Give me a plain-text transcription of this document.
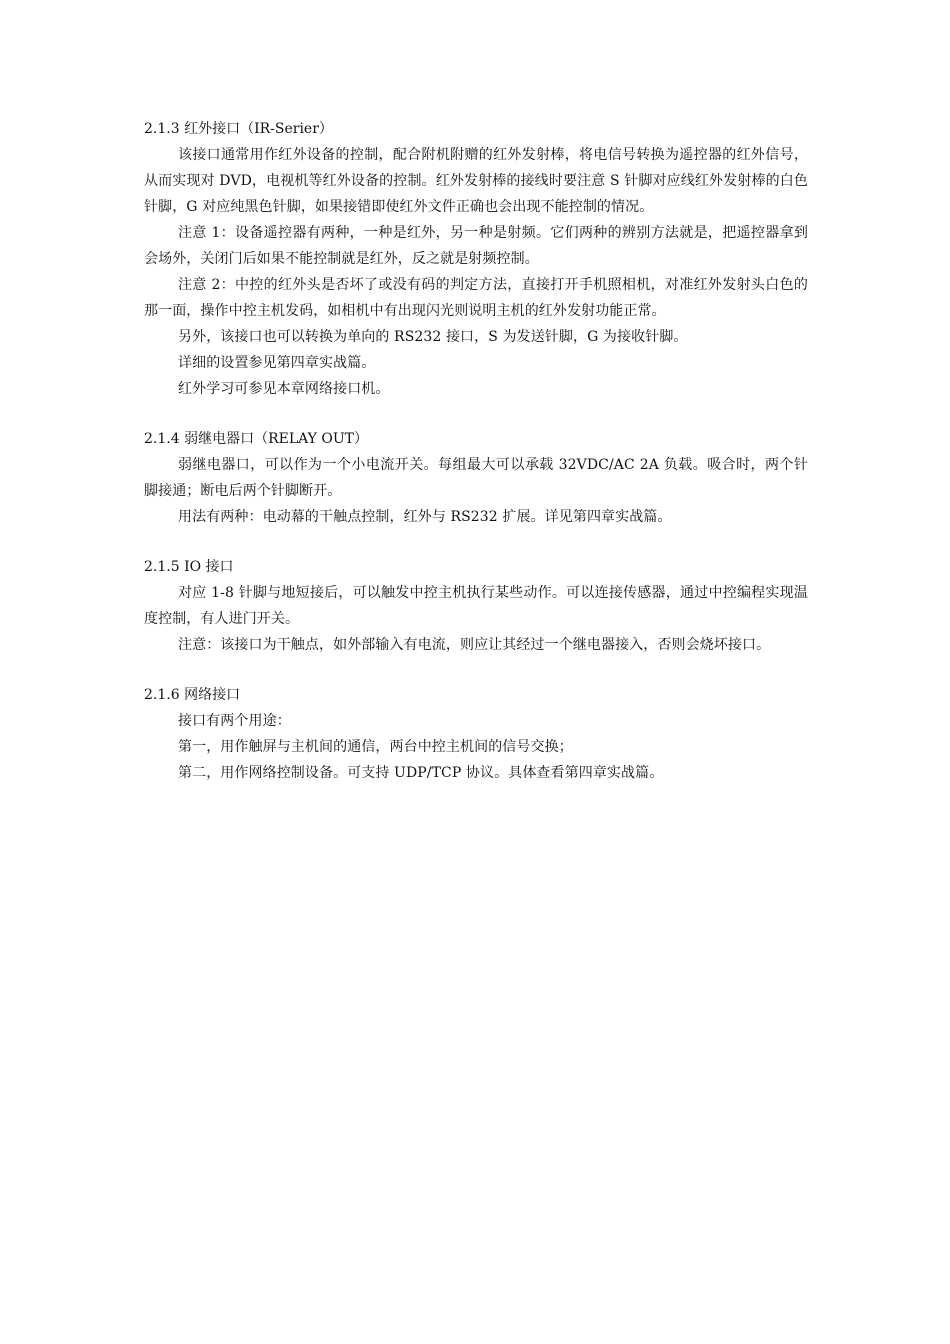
2.1.3 红外接口（IR-Serier）

该接口通常用作红外设备的控制，配合附机附赠的红外发射棒，将电信号转换为遥控器的红外信号，从而实现对 DVD，电视机等红外设备的控制。红外发射棒的接线时要注意 S 针脚对应线红外发射棒的白色针脚，G 对应纯黑色针脚，如果接错即使红外文件正确也会出现不能控制的情况。

注意 1：设备遥控器有两种，一种是红外，另一种是射频。它们两种的辨别方法就是，把遥控器拿到会场外，关闭门后如果不能控制就是红外，反之就是射频控制。

注意 2：中控的红外头是否坏了或没有码的判定方法，直接打开手机照相机，对准红外发射头白色的那一面，操作中控主机发码，如相机中有出现闪光则说明主机的红外发射功能正常。

另外，该接口也可以转换为单向的 RS232 接口，S 为发送针脚，G 为接收针脚。

详细的设置参见第四章实战篇。

红外学习可参见本章网络接口机。

2.1.4 弱继电器口（RELAY OUT）

弱继电器口，可以作为一个小电流开关。每组最大可以承载 32VDC/AC 2A 负载。吸合时，两个针脚接通；断电后两个针脚断开。

用法有两种：电动幕的干触点控制，红外与 RS232 扩展。详见第四章实战篇。

2.1.5 IO 接口

对应 1-8 针脚与地短接后，可以触发中控主机执行某些动作。可以连接传感器，通过中控编程实现温度控制，有人进门开关。

注意：该接口为干触点，如外部输入有电流，则应让其经过一个继电器接入，否则会烧坏接口。

2.1.6 网络接口

接口有两个用途：

第一，用作触屏与主机间的通信，两台中控主机间的信号交换；

第二，用作网络控制设备。可支持 UDP/TCP 协议。具体查看第四章实战篇。
